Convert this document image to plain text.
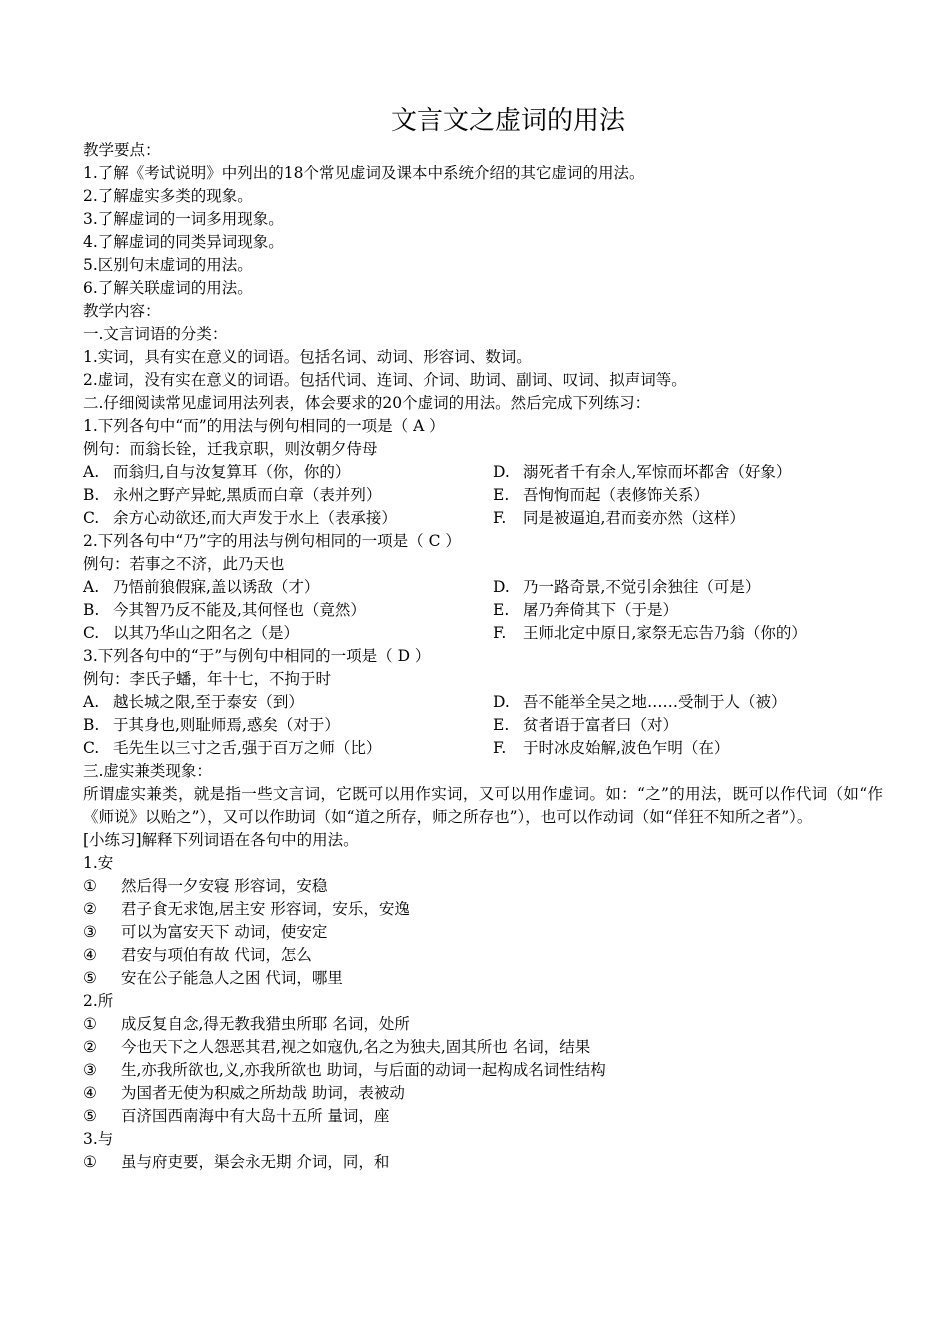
文言文之虚词的用法
教学要点：
1.了解《考试说明》中列出的18个常见虚词及课本中系统介绍的其它虚词的用法。
2.了解虚实多类的现象。
3.了解虚词的一词多用现象。
4.了解虚词的同类异词现象。
5.区别句末虚词的用法。
6.了解关联虚词的用法。
教学内容：
一.文言词语的分类：
1.实词，具有实在意义的词语。包括名词、动词、形容词、数词。
2.虚词，没有实在意义的词语。包括代词、连词、介词、助词、副词、叹词、拟声词等。
二.仔细阅读常见虚词用法列表，体会要求的20个虚词的用法。然后完成下列练习：
1.下列各句中“而”的用法与例句相同的一项是（ A ）
例句：而翁长铨，迁我京职，则汝朝夕侍母
A. 而翁归,自与汝复算耳（你，你的）	D. 溺死者千有余人,军惊而坏都舍（好象）
B. 永州之野产异蛇,黑质而白章（表并列）	E. 吾恂恂而起（表修饰关系）
C. 余方心动欲还,而大声发于水上（表承接）	F.	同是被逼迫,君而妾亦然（这样）
2.下列各句中“乃”字的用法与例句相同的一项是（ C ）
例句：若事之不济，此乃天也
A. 乃悟前狼假寐,盖以诱敌（才）	D. 乃一路奇景,不觉引余独往（可是）
B. 今其智乃反不能及,其何怪也（竟然）	E. 屠乃奔倚其下（于是）
C. 以其乃华山之阳名之（是）	F.	王师北定中原日,家祭无忘告乃翁（你的）
3.下列各句中的“于”与例句中相同的一项是（ D ）
例句：李氏子蟠，年十七，不拘于时
A. 越长城之限,至于泰安（到）	D. 吾不能举全吴之地……受制于人（被）
B. 于其身也,则耻师焉,惑矣（对于）	E. 贫者语于富者曰（对）
C. 毛先生以三寸之舌,强于百万之师（比）	F.	于时冰皮始解,波色乍明（在）
三.虚实兼类现象：
所谓虚实兼类，就是指一些文言词，它既可以用作实词，又可以用作虚词。如：“之”的用法，既可以作代词（如“作《师说》以贻之”），又可以作助词（如“道之所存，师之所存也”），也可以作动词（如“佯狂不知所之者”）。
[小练习]解释下列词语在各句中的用法。
1.安
①	然后得一夕安寝 形容词，安稳
②	君子食无求饱,居主安 形容词，安乐，安逸
③	可以为富安天下 动词，使安定
④	君安与项伯有故 代词，怎么
⑤	安在公子能急人之困 代词，哪里
2.所
①	成反复自念,得无教我猎虫所耶 名词，处所
②	今也天下之人怨恶其君,视之如寇仇,名之为独夫,固其所也 名词，结果
③	生,亦我所欲也,义,亦我所欲也 助词，与后面的动词一起构成名词性结构
④	为国者无使为积威之所劫哉 助词，表被动
⑤	百济国西南海中有大岛十五所 量词，座
3.与
①	虽与府吏要，渠会永无期 介词，同，和
